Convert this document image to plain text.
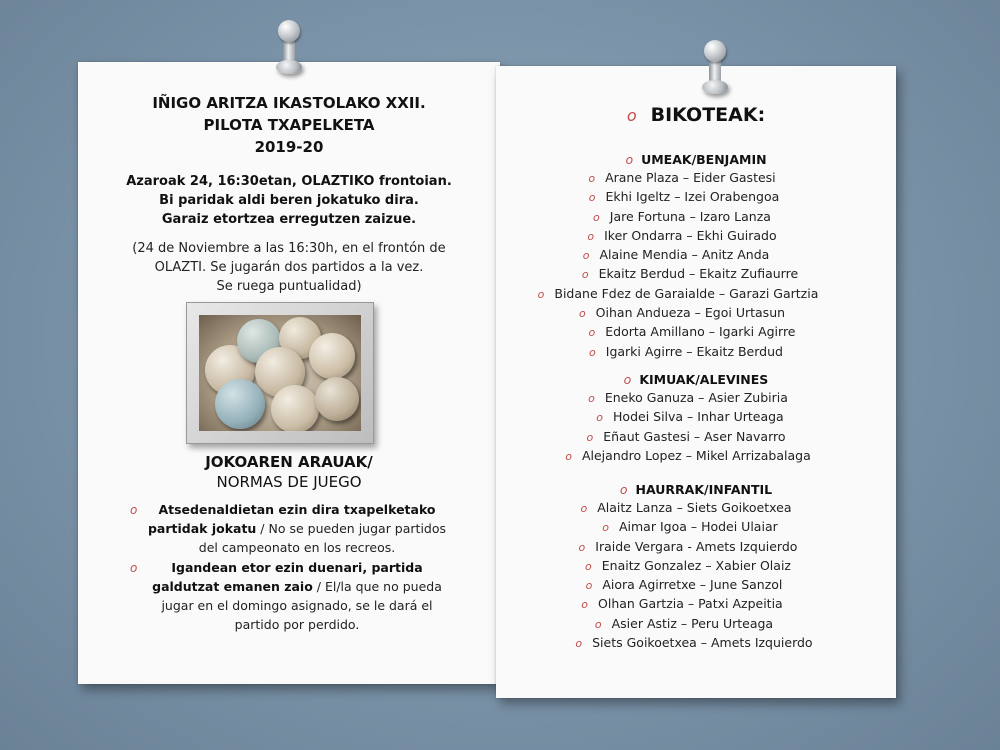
IÑIGO ARITZA IKASTOLAKO XXII.
PILOTA TXAPELKETA
2019-20
Azaroak 24, 16:30etan, OLAZTIKO frontoian.
Bi paridak aldi beren jokatuko dira.
Garaiz etortzea erregutzen zaizue.
(24 de Noviembre a las 16:30h, en el frontón de
OLAZTI. Se jugarán dos partidos a la vez.
Se ruega puntualidad)
JOKOAREN ARAUAK/
NORMAS DE JUEGO
o Atsedenaldietan ezin dira txapelketako partidak jokatu / No se pueden jugar partidos del campeonato en los recreos.
o	Igandean etor ezin duenari, partida galdutzat emanen zaio / El/la que no pueda jugar en el domingo asignado, se le dará el partido por perdido.
o BIKOTEAK:
o UMEAK/BENJAMIN
o Arane Plaza – Eider Gastesi
o Ekhi Igeltz – Izei Orabengoa
o Jare Fortuna – Izaro Lanza
o Iker Ondarra – Ekhi Guirado
o Alaine Mendia – Anitz Anda
o Ekaitz Berdud – Ekaitz Zufiaurre
o Bidane Fdez de Garaialde – Garazi Gartzia
o Oihan Andueza – Egoi Urtasun
o Edorta Amillano – Igarki Agirre
o Igarki Agirre – Ekaitz Berdud
o KIMUAK/ALEVINES
o Eneko Ganuza – Asier Zubiria
o Hodei Silva – Inhar Urteaga
o Eñaut Gastesi – Aser Navarro
o Alejandro Lopez – Mikel Arrizabalaga
o HAURRAK/INFANTIL
o Alaitz Lanza – Siets Goikoetxea
o Aimar Igoa – Hodei Ulaiar
o Iraide Vergara - Amets Izquierdo
o Enaitz Gonzalez – Xabier Olaiz
o Aiora Agirretxe – June Sanzol
o Olhan Gartzia – Patxi Azpeitia
o Asier Astiz – Peru Urteaga
o Siets Goikoetxea – Amets Izquierdo
